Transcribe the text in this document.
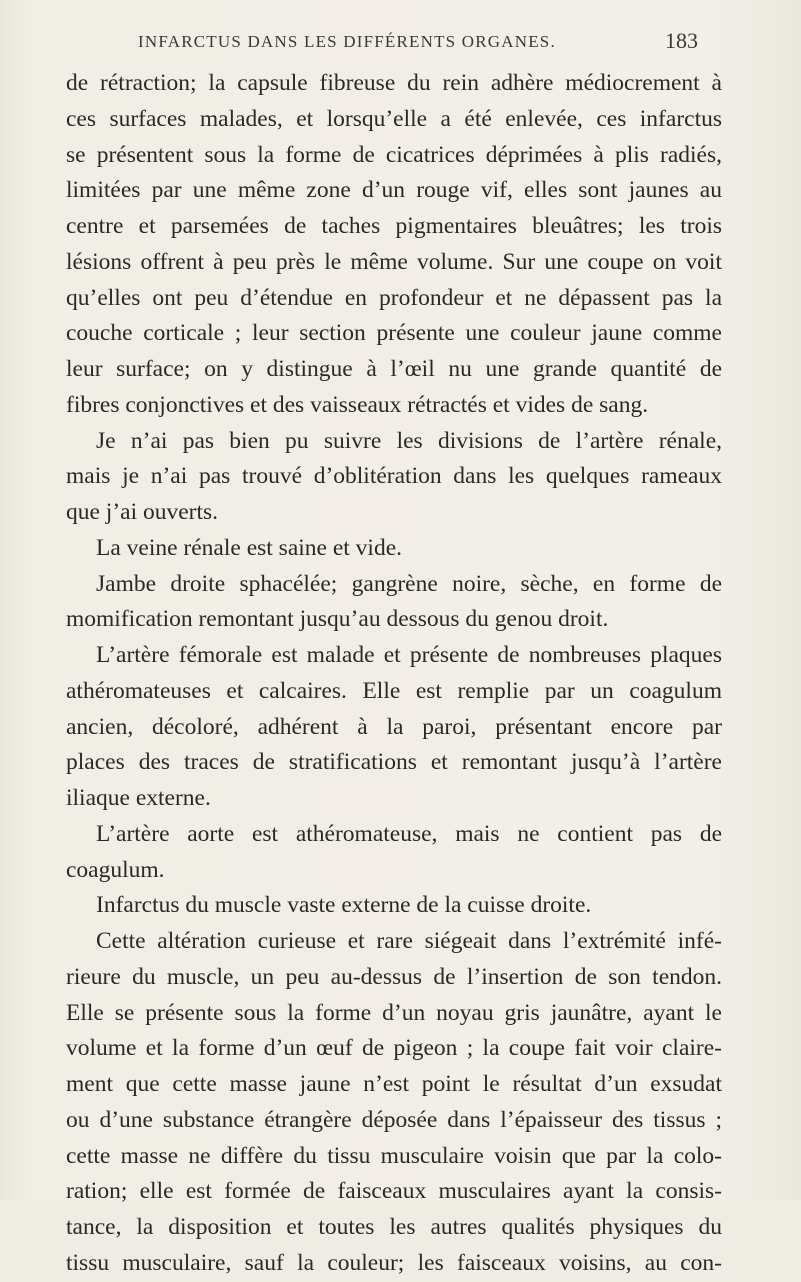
INFARCTUS DANS LES DIFFÉRENTS ORGANES.	183
de rétraction; la capsule fibreuse du rein adhère médiocrement à
ces surfaces malades, et lorsqu’elle a été enlevée, ces infarctus
se présentent sous la forme de cicatrices déprimées à plis radiés,
limitées par une même zone d’un rouge vif, elles sont jaunes au
centre et parsemées de taches pigmentaires bleuâtres; les trois
lésions offrent à peu près le même volume. Sur une coupe on voit
qu’elles ont peu d’étendue en profondeur et ne dépassent pas la
couche corticale ; leur section présente une couleur jaune comme
leur surface; on y distingue à l’œil nu une grande quantité de
fibres conjonctives et des vaisseaux rétractés et vides de sang.
Je n’ai pas bien pu suivre les divisions de l’artère rénale,
mais je n’ai pas trouvé d’oblitération dans les quelques rameaux
que j’ai ouverts.
La veine rénale est saine et vide.
Jambe droite sphacélée; gangrène noire, sèche, en forme de
momification remontant jusqu’au dessous du genou droit.
L’artère fémorale est malade et présente de nombreuses plaques
athéromateuses et calcaires. Elle est remplie par un coagulum
ancien, décoloré, adhérent à la paroi, présentant encore par
places des traces de stratifications et remontant jusqu’à l’artère
iliaque externe.
L’artère aorte est athéromateuse, mais ne contient pas de
coagulum.
Infarctus du muscle vaste externe de la cuisse droite.
Cette altération curieuse et rare siégeait dans l’extrémité infé-
rieure du muscle, un peu au-dessus de l’insertion de son tendon.
Elle se présente sous la forme d’un noyau gris jaunâtre, ayant le
volume et la forme d’un œuf de pigeon ; la coupe fait voir claire-
ment que cette masse jaune n’est point le résultat d’un exsudat
ou d’une substance étrangère déposée dans l’épaisseur des tissus ;
cette masse ne diffère du tissu musculaire voisin que par la colo-
ration; elle est formée de faisceaux musculaires ayant la consis-
tance, la disposition et toutes les autres qualités physiques du
tissu musculaire, sauf la couleur; les faisceaux voisins, au con-
